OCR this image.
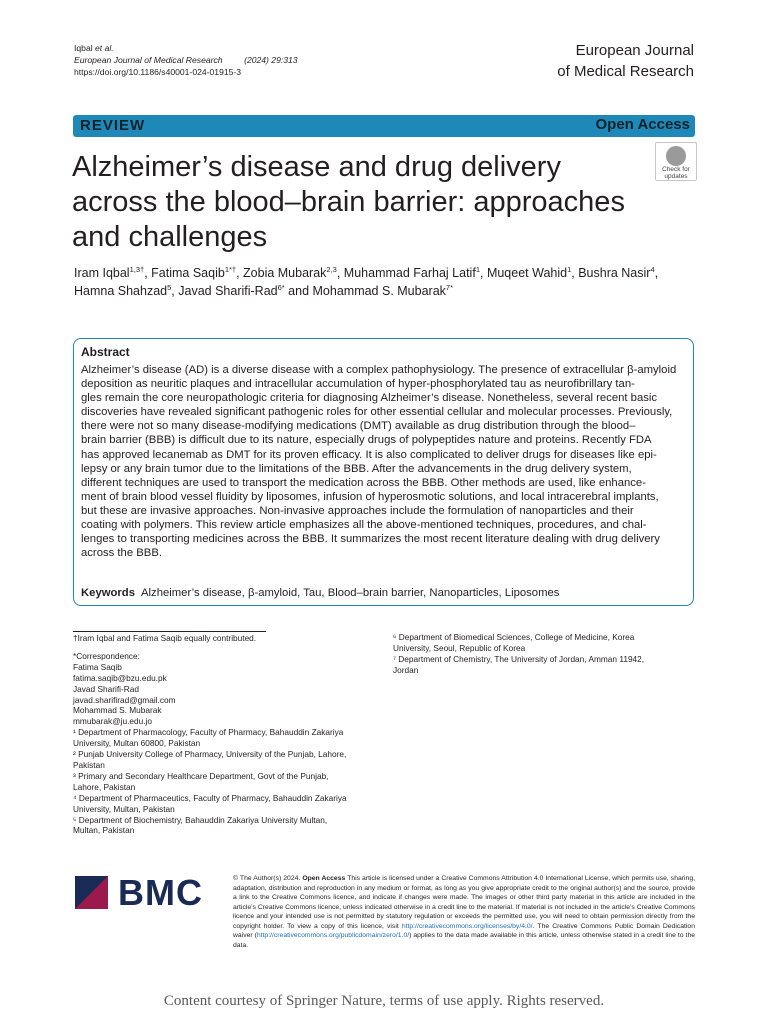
Iqbal et al.
European Journal of Medical Research	(2024) 29:313
https://doi.org/10.1186/s40001-024-01915-3
European Journal
of Medical Research
REVIEW	Open Access
Check for
updates
Alzheimer’s disease and drug delivery
across the blood–brain barrier: approaches
and challenges
Iram Iqbal$^{1,3\dagger}$, Fatima Saqib$^{1*\dagger}$, Zobia Mubarak$^{2,3}$, Muhammad Farhaj Latif$^1$, Muqeet Wahid$^1$, Bushra Nasir$^4$,
Hamna Shahzad$^5$, Javad Sharifi-Rad$^{6*}$ and Mohammad S. Mubarak$^{7*}$
Abstract
Alzheimer’s disease (AD) is a diverse disease with a complex pathophysiology. The presence of extracellular β-amyloid
deposition as neuritic plaques and intracellular accumulation of hyper-phosphorylated tau as neurofibrillary tan-
gles remain the core neuropathologic criteria for diagnosing Alzheimer’s disease. Nonetheless, several recent basic
discoveries have revealed significant pathogenic roles for other essential cellular and molecular processes. Previously,
there were not so many disease-modifying medications (DMT) available as drug distribution through the blood–
brain barrier (BBB) is difficult due to its nature, especially drugs of polypeptides nature and proteins. Recently FDA
has approved lecanemab as DMT for its proven efficacy. It is also complicated to deliver drugs for diseases like epi-
lepsy or any brain tumor due to the limitations of the BBB. After the advancements in the drug delivery system,
different techniques are used to transport the medication across the BBB. Other methods are used, like enhance-
ment of brain blood vessel fluidity by liposomes, infusion of hyperosmotic solutions, and local intracerebral implants,
but these are invasive approaches. Non-invasive approaches include the formulation of nanoparticles and their
coating with polymers. This review article emphasizes all the above-mentioned techniques, procedures, and chal-
lenges to transporting medicines across the BBB. It summarizes the most recent literature dealing with drug delivery
across the BBB.
Keywords Alzheimer’s disease, β-amyloid, Tau, Blood–brain barrier, Nanoparticles, Liposomes
†Iram Iqbal and Fatima Saqib equally contributed.
*Correspondence:
Fatima Saqib
fatima.saqib@bzu.edu.pk
Javad Sharifi-Rad
javad.sharifirad@gmail.com
Mohammad S. Mubarak
mmubarak@ju.edu.jo
¹ Department of Pharmacology, Faculty of Pharmacy, Bahauddin Zakariya
University, Multan 60800, Pakistan
² Punjab University College of Pharmacy, University of the Punjab, Lahore,
Pakistan
³ Primary and Secondary Healthcare Department, Govt of the Punjab,
Lahore, Pakistan
⁴ Department of Pharmaceutics, Faculty of Pharmacy, Bahauddin Zakariya
University, Multan, Pakistan
⁵ Department of Biochemistry, Bahauddin Zakariya University Multan,
Multan, Pakistan
⁶ Department of Biomedical Sciences, College of Medicine, Korea
University, Seoul, Republic of Korea
⁷ Department of Chemistry, The University of Jordan, Amman 11942,
Jordan
BMC	© The Author(s) 2024. Open Access This article is licensed under a Creative Commons Attribution 4.0 International License, which permits use, sharing, adaptation, distribution and reproduction in any medium or format, as long as you give appropriate credit to the original author(s) and the source, provide a link to the Creative Commons licence, and indicate if changes were made. The images or other third party material in this article are included in the article’s Creative Commons licence, unless indicated otherwise in a credit line to the material. If material is not included in the article’s Creative Commons licence and your intended use is not permitted by statutory regulation or exceeds the permitted use, you will need to obtain permission directly from the copyright holder. To view a copy of this licence, visit http://creativecommons.org/licenses/by/4.0/. The Creative Commons Public Domain Dedication waiver (http://creativecommons.org/publicdomain/zero/1.0/) applies to the data made available in this article, unless otherwise stated in a credit line to the data.
Content courtesy of Springer Nature, terms of use apply. Rights reserved.
